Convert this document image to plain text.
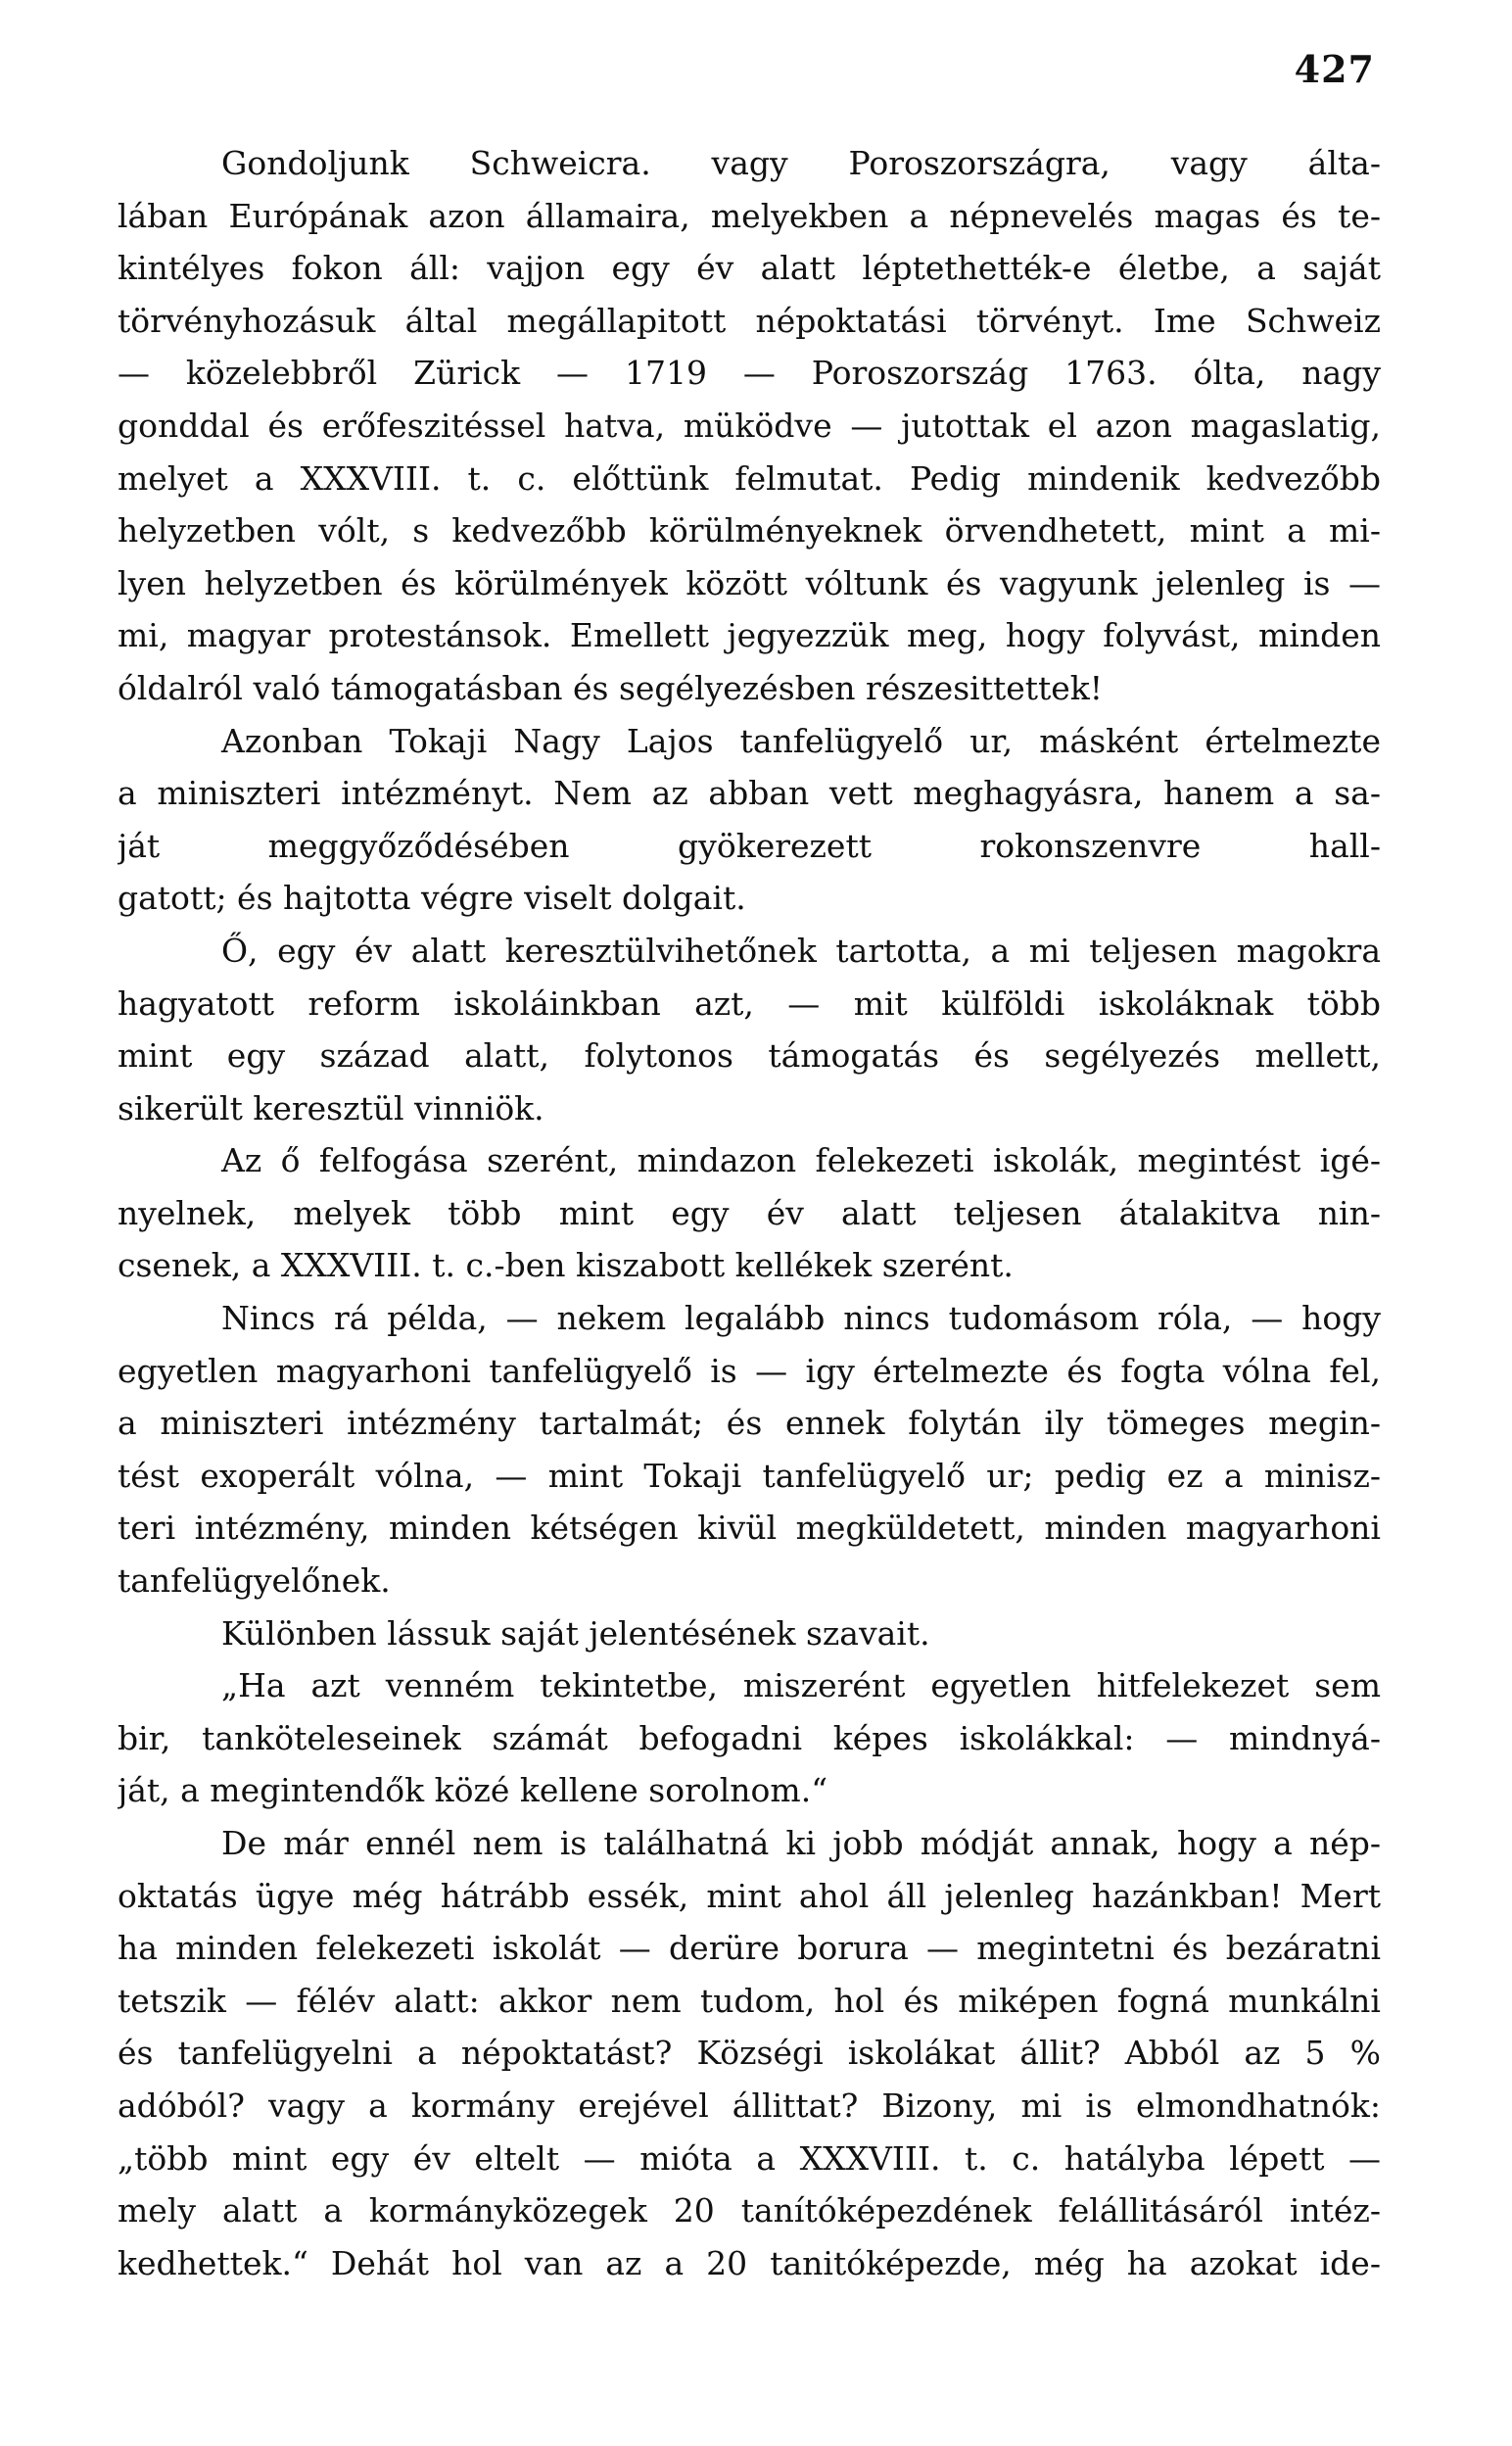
427
Gondoljunk Schweicra. vagy Poroszországra, vagy álta-
lában Európának azon államaira, melyekben a népnevelés magas és te-
kintélyes fokon áll: vajjon egy év alatt léptethették-e életbe, a saját
törvényhozásuk által megállapitott népoktatási törvényt. Ime Schweiz
— közelebbről Zürick — 1719 — Poroszország 1763. ólta, nagy
gonddal és erőfeszitéssel hatva, müködve — jutottak el azon magaslatig,
melyet a XXXVIII. t. c. előttünk felmutat. Pedig mindenik kedvezőbb
helyzetben vólt, s kedvezőbb körülményeknek örvendhetett, mint a mi-
lyen helyzetben és körülmények között vóltunk és vagyunk jelenleg is —
mi, magyar protestánsok. Emellett jegyezzük meg, hogy folyvást, minden
óldalról való támogatásban és segélyezésben részesittettek!
Azonban Tokaji Nagy Lajos tanfelügyelő ur, másként értelmezte
a miniszteri intézményt. Nem az abban vett meghagyásra, hanem a sa-
ját meggyőződésében gyökerezett rokonszenvre hall-
gatott; és hajtotta végre viselt dolgait.
Ő, egy év alatt keresztülvihetőnek tartotta, a mi teljesen magokra
hagyatott reform iskoláinkban azt, — mit külföldi iskoláknak több
mint egy század alatt, folytonos támogatás és segélyezés mellett,
sikerült keresztül vinniök.
Az ő felfogása szerént, mindazon felekezeti iskolák, megintést igé-
nyelnek, melyek több mint egy év alatt teljesen átalakitva nin-
csenek, a XXXVIII. t. c.-ben kiszabott kellékek szerént.
Nincs rá példa, — nekem legalább nincs tudomásom róla, — hogy
egyetlen magyarhoni tanfelügyelő is — igy értelmezte és fogta vólna fel,
a miniszteri intézmény tartalmát; és ennek folytán ily tömeges megin-
tést exoperált vólna, — mint Tokaji tanfelügyelő ur; pedig ez a minisz-
teri intézmény, minden kétségen kivül megküldetett, minden magyarhoni
tanfelügyelőnek.
Különben lássuk saját jelentésének szavait.
„Ha azt venném tekintetbe, miszerént egyetlen hitfelekezet sem
bir, tanköteleseinek számát befogadni képes iskolákkal: — mindnyá-
ját, a megintendők közé kellene sorolnom.“
De már ennél nem is találhatná ki jobb módját annak, hogy a nép-
oktatás ügye még hátrább essék, mint ahol áll jelenleg hazánkban! Mert
ha minden felekezeti iskolát — derüre borura — megintetni és bezáratni
tetszik — félév alatt: akkor nem tudom, hol és miképen fogná munkálni
és tanfelügyelni a népoktatást? Községi iskolákat állit? Abból az 5 %
adóból? vagy a kormány erejével állittat? Bizony, mi is elmondhatnók:
„több mint egy év eltelt — mióta a XXXVIII. t. c. hatályba lépett —
mely alatt a kormányközegek 20 tanítóképezdének felállitásáról intéz-
kedhettek.“ Dehát hol van az a 20 tanitóképezde, még ha azokat ide-
